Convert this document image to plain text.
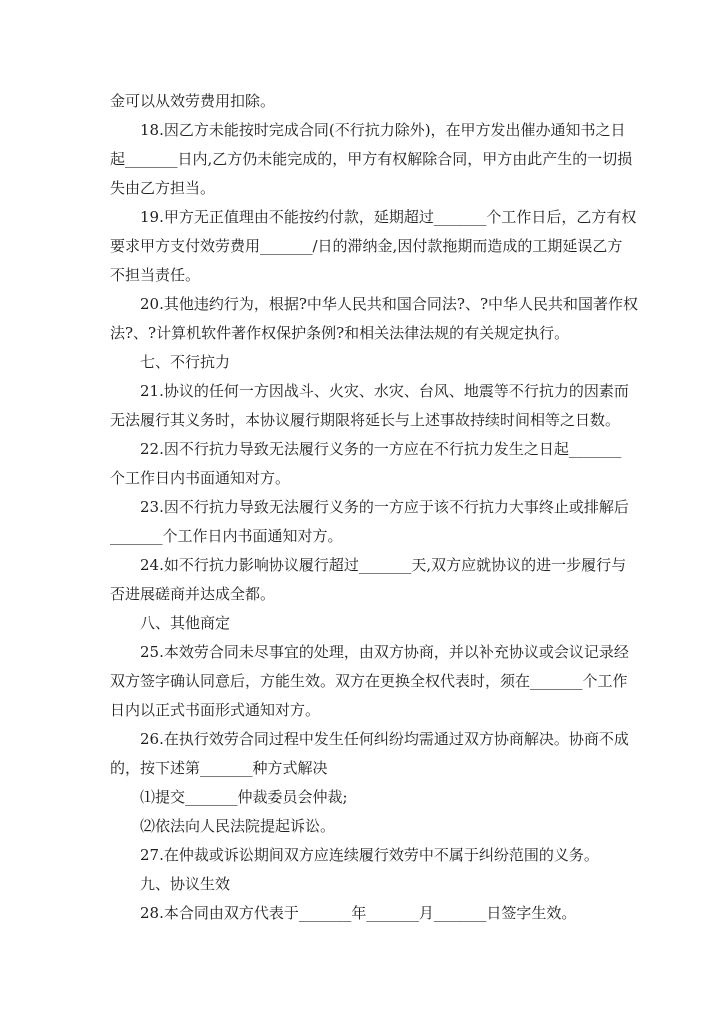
金可以从效劳费用扣除。

18.因乙方未能按时完成合同(不行抗力除外)，在甲方发出催办通知书之日

起_______日内,乙方仍未能完成的，甲方有权解除合同，甲方由此产生的一切损

失由乙方担当。

19.甲方无正值理由不能按约付款，延期超过_______个工作日后，乙方有权

要求甲方支付效劳费用_______/日的滞纳金,因付款拖期而造成的工期延误乙方

不担当责任。

20.其他违约行为，根据?中华人民共和国合同法?、?中华人民共和国著作权

法?、?计算机软件著作权保护条例?和相关法律法规的有关规定执行。

七、不行抗力

21.协议的任何一方因战斗、火灾、水灾、台风、地震等不行抗力的因素而

无法履行其义务时，本协议履行期限将延长与上述事故持续时间相等之日数。

22.因不行抗力导致无法履行义务的一方应在不行抗力发生之日起_______

个工作日内书面通知对方。

23.因不行抗力导致无法履行义务的一方应于该不行抗力大事终止或排解后

_______个工作日内书面通知对方。

24.如不行抗力影响协议履行超过_______天,双方应就协议的进一步履行与

否进展磋商并达成全都。

八、其他商定

25.本效劳合同未尽事宜的处理，由双方协商，并以补充协议或会议记录经

双方签字确认同意后，方能生效。双方在更换全权代表时，须在_______个工作

日内以正式书面形式通知对方。

26.在执行效劳合同过程中发生任何纠纷均需通过双方协商解决。协商不成

的，按下述第_______种方式解决

⑴提交_______仲裁委员会仲裁;

⑵依法向人民法院提起诉讼。

27.在仲裁或诉讼期间双方应连续履行效劳中不属于纠纷范围的义务。

九、协议生效

28.本合同由双方代表于_______年_______月_______日签字生效。
